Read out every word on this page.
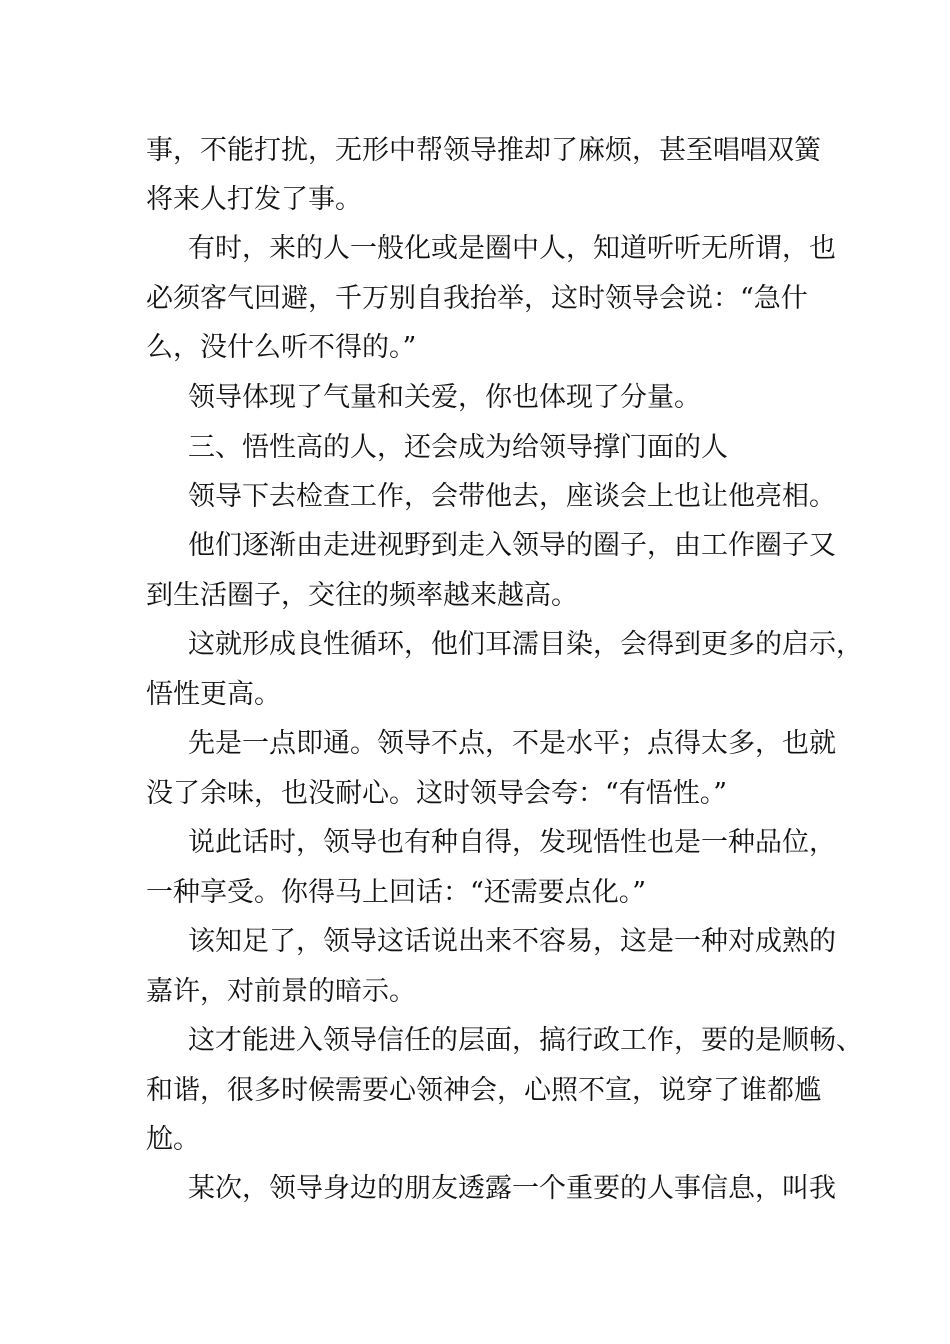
事，不能打扰，无形中帮领导推却了麻烦，甚至唱唱双簧
将来人打发了事。
有时，来的人一般化或是圈中人，知道听听无所谓，也
必须客气回避，千万别自我抬举，这时领导会说：“急什
么，没什么听不得的。”
领导体现了气量和关爱，你也体现了分量。
三、悟性高的人，还会成为给领导撑门面的人
领导下去检查工作，会带他去，座谈会上也让他亮相。
他们逐渐由走进视野到走入领导的圈子，由工作圈子又
到生活圈子，交往的频率越来越高。
这就形成良性循环，他们耳濡目染，会得到更多的启示，
悟性更高。
先是一点即通。领导不点，不是水平；点得太多，也就
没了余味，也没耐心。这时领导会夸：“有悟性。”
说此话时，领导也有种自得，发现悟性也是一种品位，
一种享受。你得马上回话：“还需要点化。”
该知足了，领导这话说出来不容易，这是一种对成熟的
嘉许，对前景的暗示。
这才能进入领导信任的层面，搞行政工作，要的是顺畅、
和谐，很多时候需要心领神会，心照不宣，说穿了谁都尴
尬。
某次，领导身边的朋友透露一个重要的人事信息，叫我
